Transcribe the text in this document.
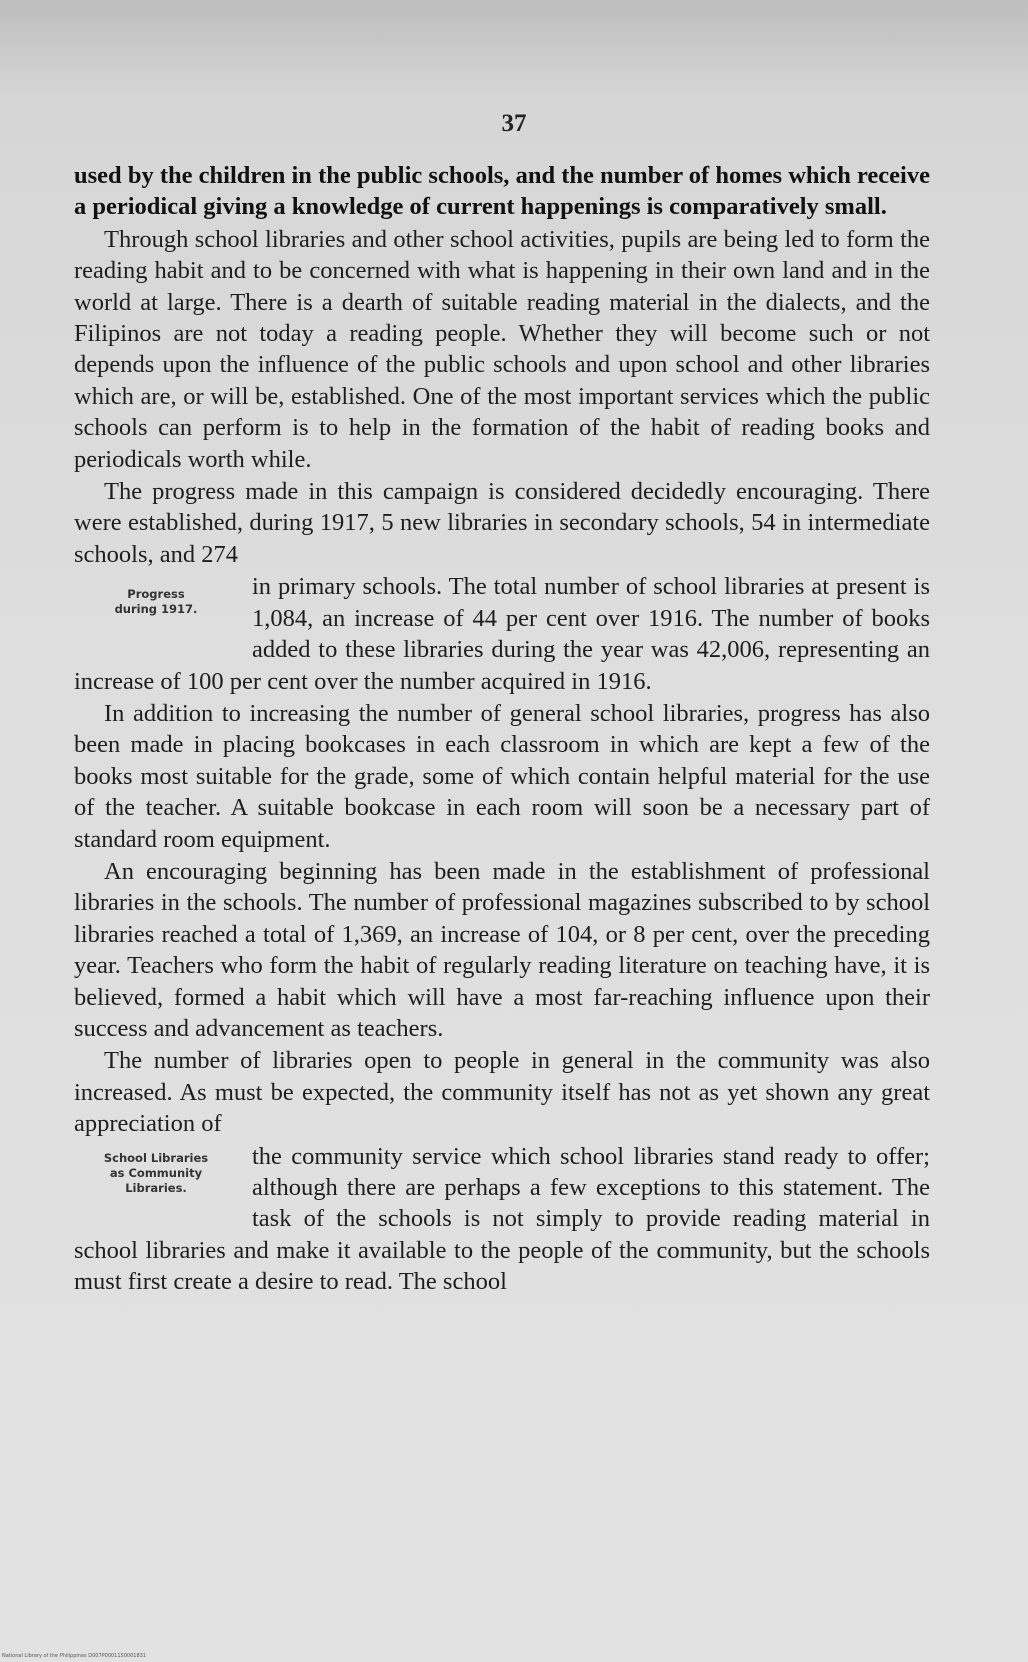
37

used by the children in the public schools, and the number of homes which receive a periodical giving a knowledge of current happenings is comparatively small.

Through school libraries and other school activities, pupils are being led to form the reading habit and to be concerned with what is happening in their own land and in the world at large. There is a dearth of suitable reading material in the dialects, and the Filipinos are not today a reading people. Whether they will become such or not depends upon the influence of the public schools and upon school and other libraries which are, or will be, established. One of the most important services which the public schools can perform is to help in the formation of the habit of reading books and periodicals worth while.

The progress made in this campaign is considered decidedly encouraging. There were established, during 1917, 5 new libraries in secondary schools, 54 in intermediate schools, and 274

Progress
during 1917.
in primary schools. The total number of school libraries at present is 1,084, an increase of 44 per cent over 1916. The number of books added to these libraries during the year was 42,006, representing an increase of 100 per cent over the number acquired in 1916.

In addition to increasing the number of general school libraries, progress has also been made in placing bookcases in each classroom in which are kept a few of the books most suitable for the grade, some of which contain helpful material for the use of the teacher. A suitable bookcase in each room will soon be a necessary part of standard room equipment.

An encouraging beginning has been made in the establishment of professional libraries in the schools. The number of professional magazines subscribed to by school libraries reached a total of 1,369, an increase of 104, or 8 per cent, over the preceding year. Teachers who form the habit of regularly reading literature on teaching have, it is believed, formed a habit which will have a most far-reaching influence upon their success and advancement as teachers.

The number of libraries open to people in general in the community was also increased. As must be expected, the community itself has not as yet shown any great appreciation of

School Libraries
as Community
Libraries.
the community service which school libraries stand ready to offer; although there are perhaps a few exceptions to this statement. The task of the schools is not simply to provide reading material in school libraries and make it available to the people of the community, but the schools must first create a desire to read. The school

National Library of the Philippines D007P0001150001831
